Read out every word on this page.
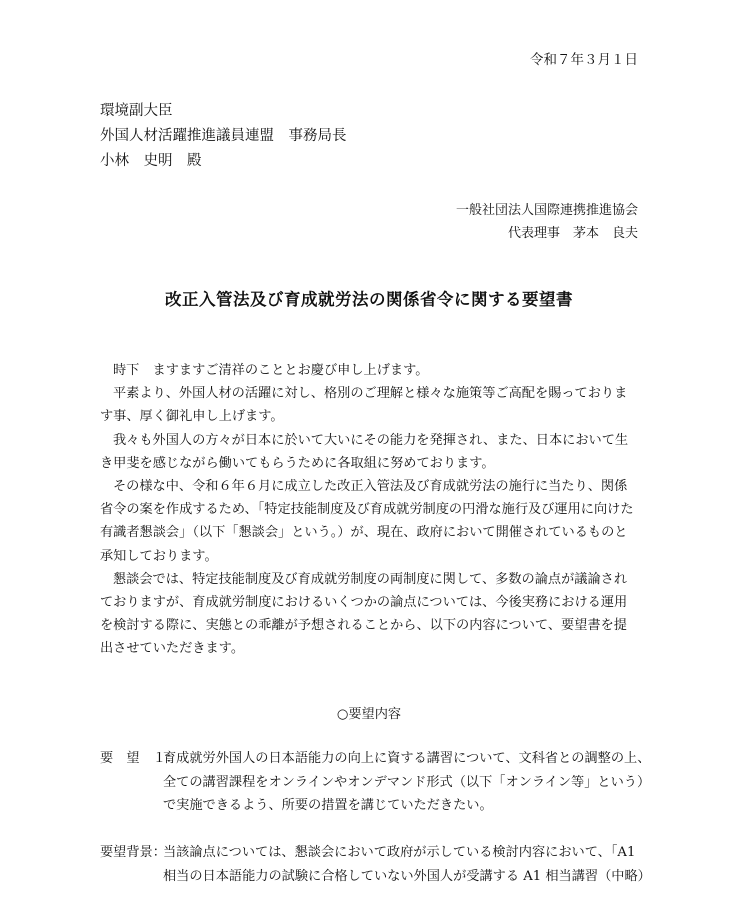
令和７年３月１日
環境副大臣
外国人材活躍推進議員連盟　事務局長
小林　史明　殿
一般社団法人国際連携推進協会
代表理事　茅本　良夫
改正入管法及び育成就労法の関係省令に関する要望書

時下　ますますご清祥のこととお慶び申し上げます。

平素より、外国人材の活躍に対し、格別のご理解と様々な施策等ご高配を賜っております事、厚く御礼申し上げます。

我々も外国人の方々が日本に於いて大いにその能力を発揮され、また、日本において生き甲斐を感じながら働いてもらうために各取組に努めております。

その様な中、令和６年６月に成立した改正入管法及び育成就労法の施行に当たり、関係省令の案を作成するため、「特定技能制度及び育成就労制度の円滑な施行及び運用に向けた有識者懇談会」（以下「懇談会」という。）が、現在、政府において開催されているものと承知しております。

懇談会では、特定技能制度及び育成就労制度の両制度に関して、多数の論点が議論されておりますが、育成就労制度におけるいくつかの論点については、今後実務における運用を検討する際に、実態との乖離が予想されることから、以下の内容について、要望書を提出させていただきます。

○要望内容
要　望　１：
育成就労外国人の日本語能力の向上に資する講習について、文科省との調整の上、
全ての講習課程をオンラインやオンデマンド形式（以下「オンライン等」という）
で実施できるよう、所要の措置を講じていただきたい。
要望背景：
当該論点については、懇談会において政府が示している検討内容において、「A1
相当の日本語能力の試験に合格していない外国人が受講する A1 相当講習（中略）
